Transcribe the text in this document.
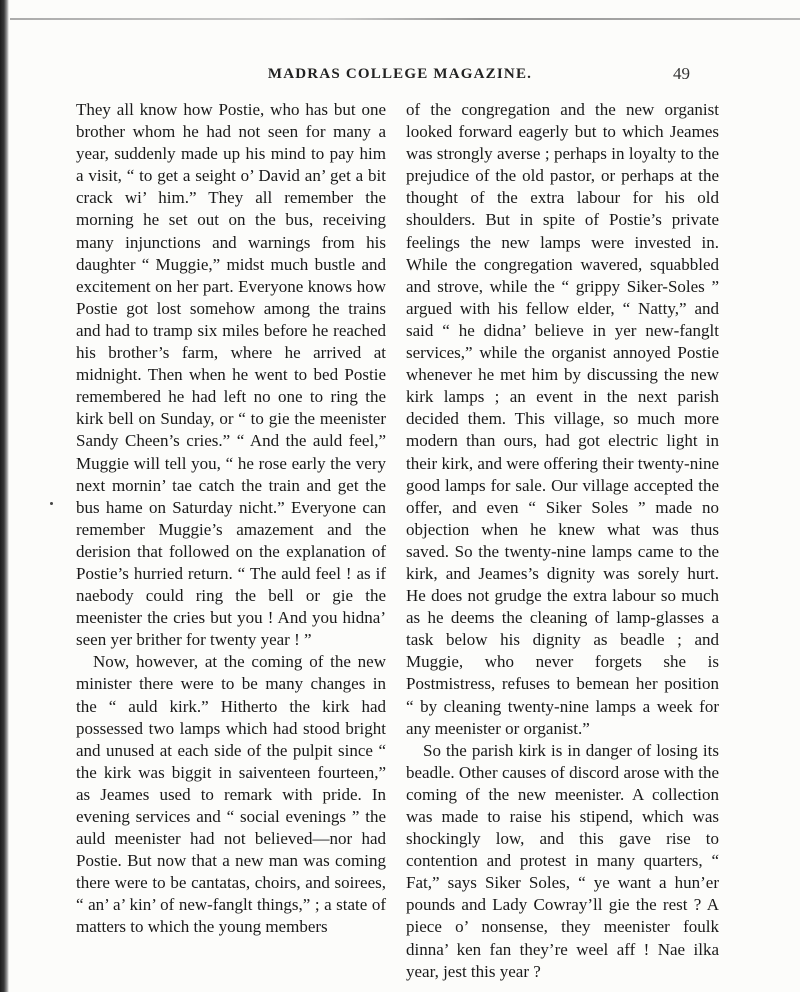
MADRAS COLLEGE MAGAZINE.	49

They all know how Postie, who has but one brother whom he had not seen for many a year, suddenly made up his mind to pay him a visit, “ to get a seight o’ David an’ get a bit crack wi’ him.” They all remember the morning he set out on the bus, receiving many injunctions and warnings from his daughter “ Muggie,” midst much bustle and excitement on her part. Everyone knows how Postie got lost somehow among the trains and had to tramp six miles before he reached his brother’s farm, where he arrived at midnight. Then when he went to bed Postie remembered he had left no one to ring the kirk bell on Sunday, or “ to gie the meenister Sandy Cheen’s cries.” “ And the auld feel,” Muggie will tell you, “ he rose early the very next mornin’ tae catch the train and get the bus hame on Saturday nicht.” Everyone can remember Muggie’s amazement and the derision that followed on the explanation of Postie’s hurried return. “ The auld feel ! as if naebody could ring the bell or gie the meenister the cries but you ! And you hidna’ seen yer brither for twenty year ! ”

Now, however, at the coming of the new minister there were to be many changes in the “ auld kirk.” Hitherto the kirk had possessed two lamps which had stood bright and unused at each side of the pulpit since “ the kirk was biggit in saiventeen fourteen,” as Jeames used to remark with pride. In evening services and “ social evenings ” the auld meenister had not believed—nor had Postie. But now that a new man was coming there were to be cantatas, choirs, and soirees, “ an’ a’ kin’ of new-fanglt things,” ; a state of matters to which the young members

of the congregation and the new organist looked forward eagerly but to which Jeames was strongly averse ; perhaps in loyalty to the prejudice of the old pastor, or perhaps at the thought of the extra labour for his old shoulders. But in spite of Postie’s private feelings the new lamps were invested in. While the congregation wavered, squabbled and strove, while the “ grippy Siker-Soles ” argued with his fellow elder, “ Natty,” and said “ he didna’ believe in yer new-fanglt services,” while the organist annoyed Postie whenever he met him by discussing the new kirk lamps ; an event in the next parish decided them. This village, so much more modern than ours, had got electric light in their kirk, and were offering their twenty-nine good lamps for sale. Our village accepted the offer, and even “ Siker Soles ” made no objection when he knew what was thus saved. So the twenty-nine lamps came to the kirk, and Jeames’s dignity was sorely hurt. He does not grudge the extra labour so much as he deems the cleaning of lamp-glasses a task below his dignity as beadle ; and Muggie, who never forgets she is Postmistress, refuses to bemean her position “ by cleaning twenty-nine lamps a week for any meenister or organist.”

So the parish kirk is in danger of losing its beadle. Other causes of discord arose with the coming of the new meenister. A collection was made to raise his stipend, which was shockingly low, and this gave rise to contention and protest in many quarters, “ Fat,” says Siker Soles, “ ye want a hun’er pounds and Lady Cowray’ll gie the rest ? A piece o’ nonsense, they meenister foulk dinna’ ken fan they’re weel aff ! Nae ilka year, jest this year ?
